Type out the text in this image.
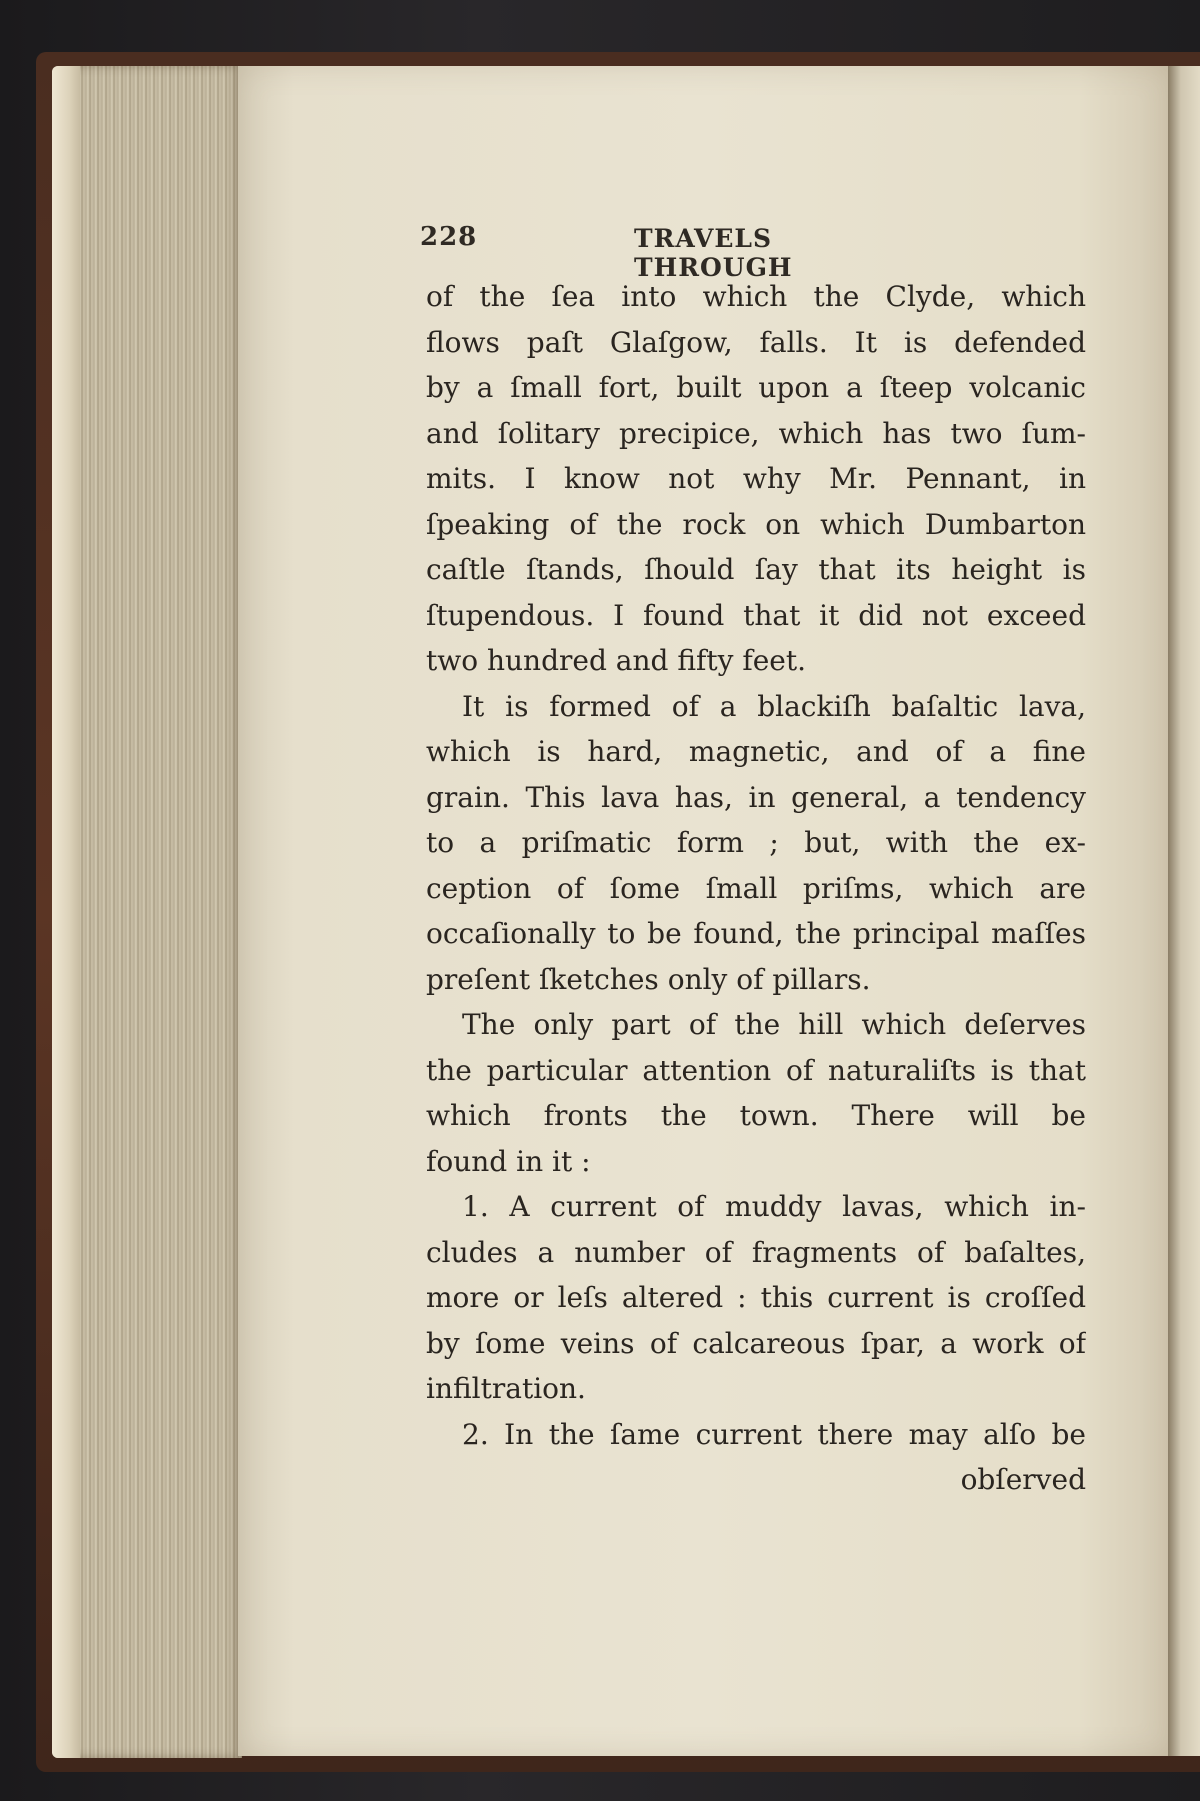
228	TRAVELS THROUGH
of the ſea into which the Clyde, which
flows paſt Glaſgow, falls. It is defended
by a ſmall fort, built upon a ſteep volcanic
and ſolitary precipice, which has two ſum-
mits. I know not why Mr. Pennant, in
ſpeaking of the rock on which Dumbarton
caſtle ſtands, ſhould ſay that its height is
ſtupendous. I found that it did not exceed
two hundred and fifty feet.
It is formed of a blackiſh baſaltic lava,
which is hard, magnetic, and of a fine
grain. This lava has, in general, a tendency
to a priſmatic form ; but, with the ex-
ception of ſome ſmall priſms, which are
occaſionally to be found, the principal maſſes
preſent ſketches only of pillars.
The only part of the hill which deſerves
the particular attention of naturaliſts is that
which fronts the town. There will be
found in it :
1. A current of muddy lavas, which in-
cludes a number of fragments of baſaltes,
more or leſs altered : this current is croſſed
by ſome veins of calcareous ſpar, a work of
infiltration.
2. In the ſame current there may alſo be
obſerved
